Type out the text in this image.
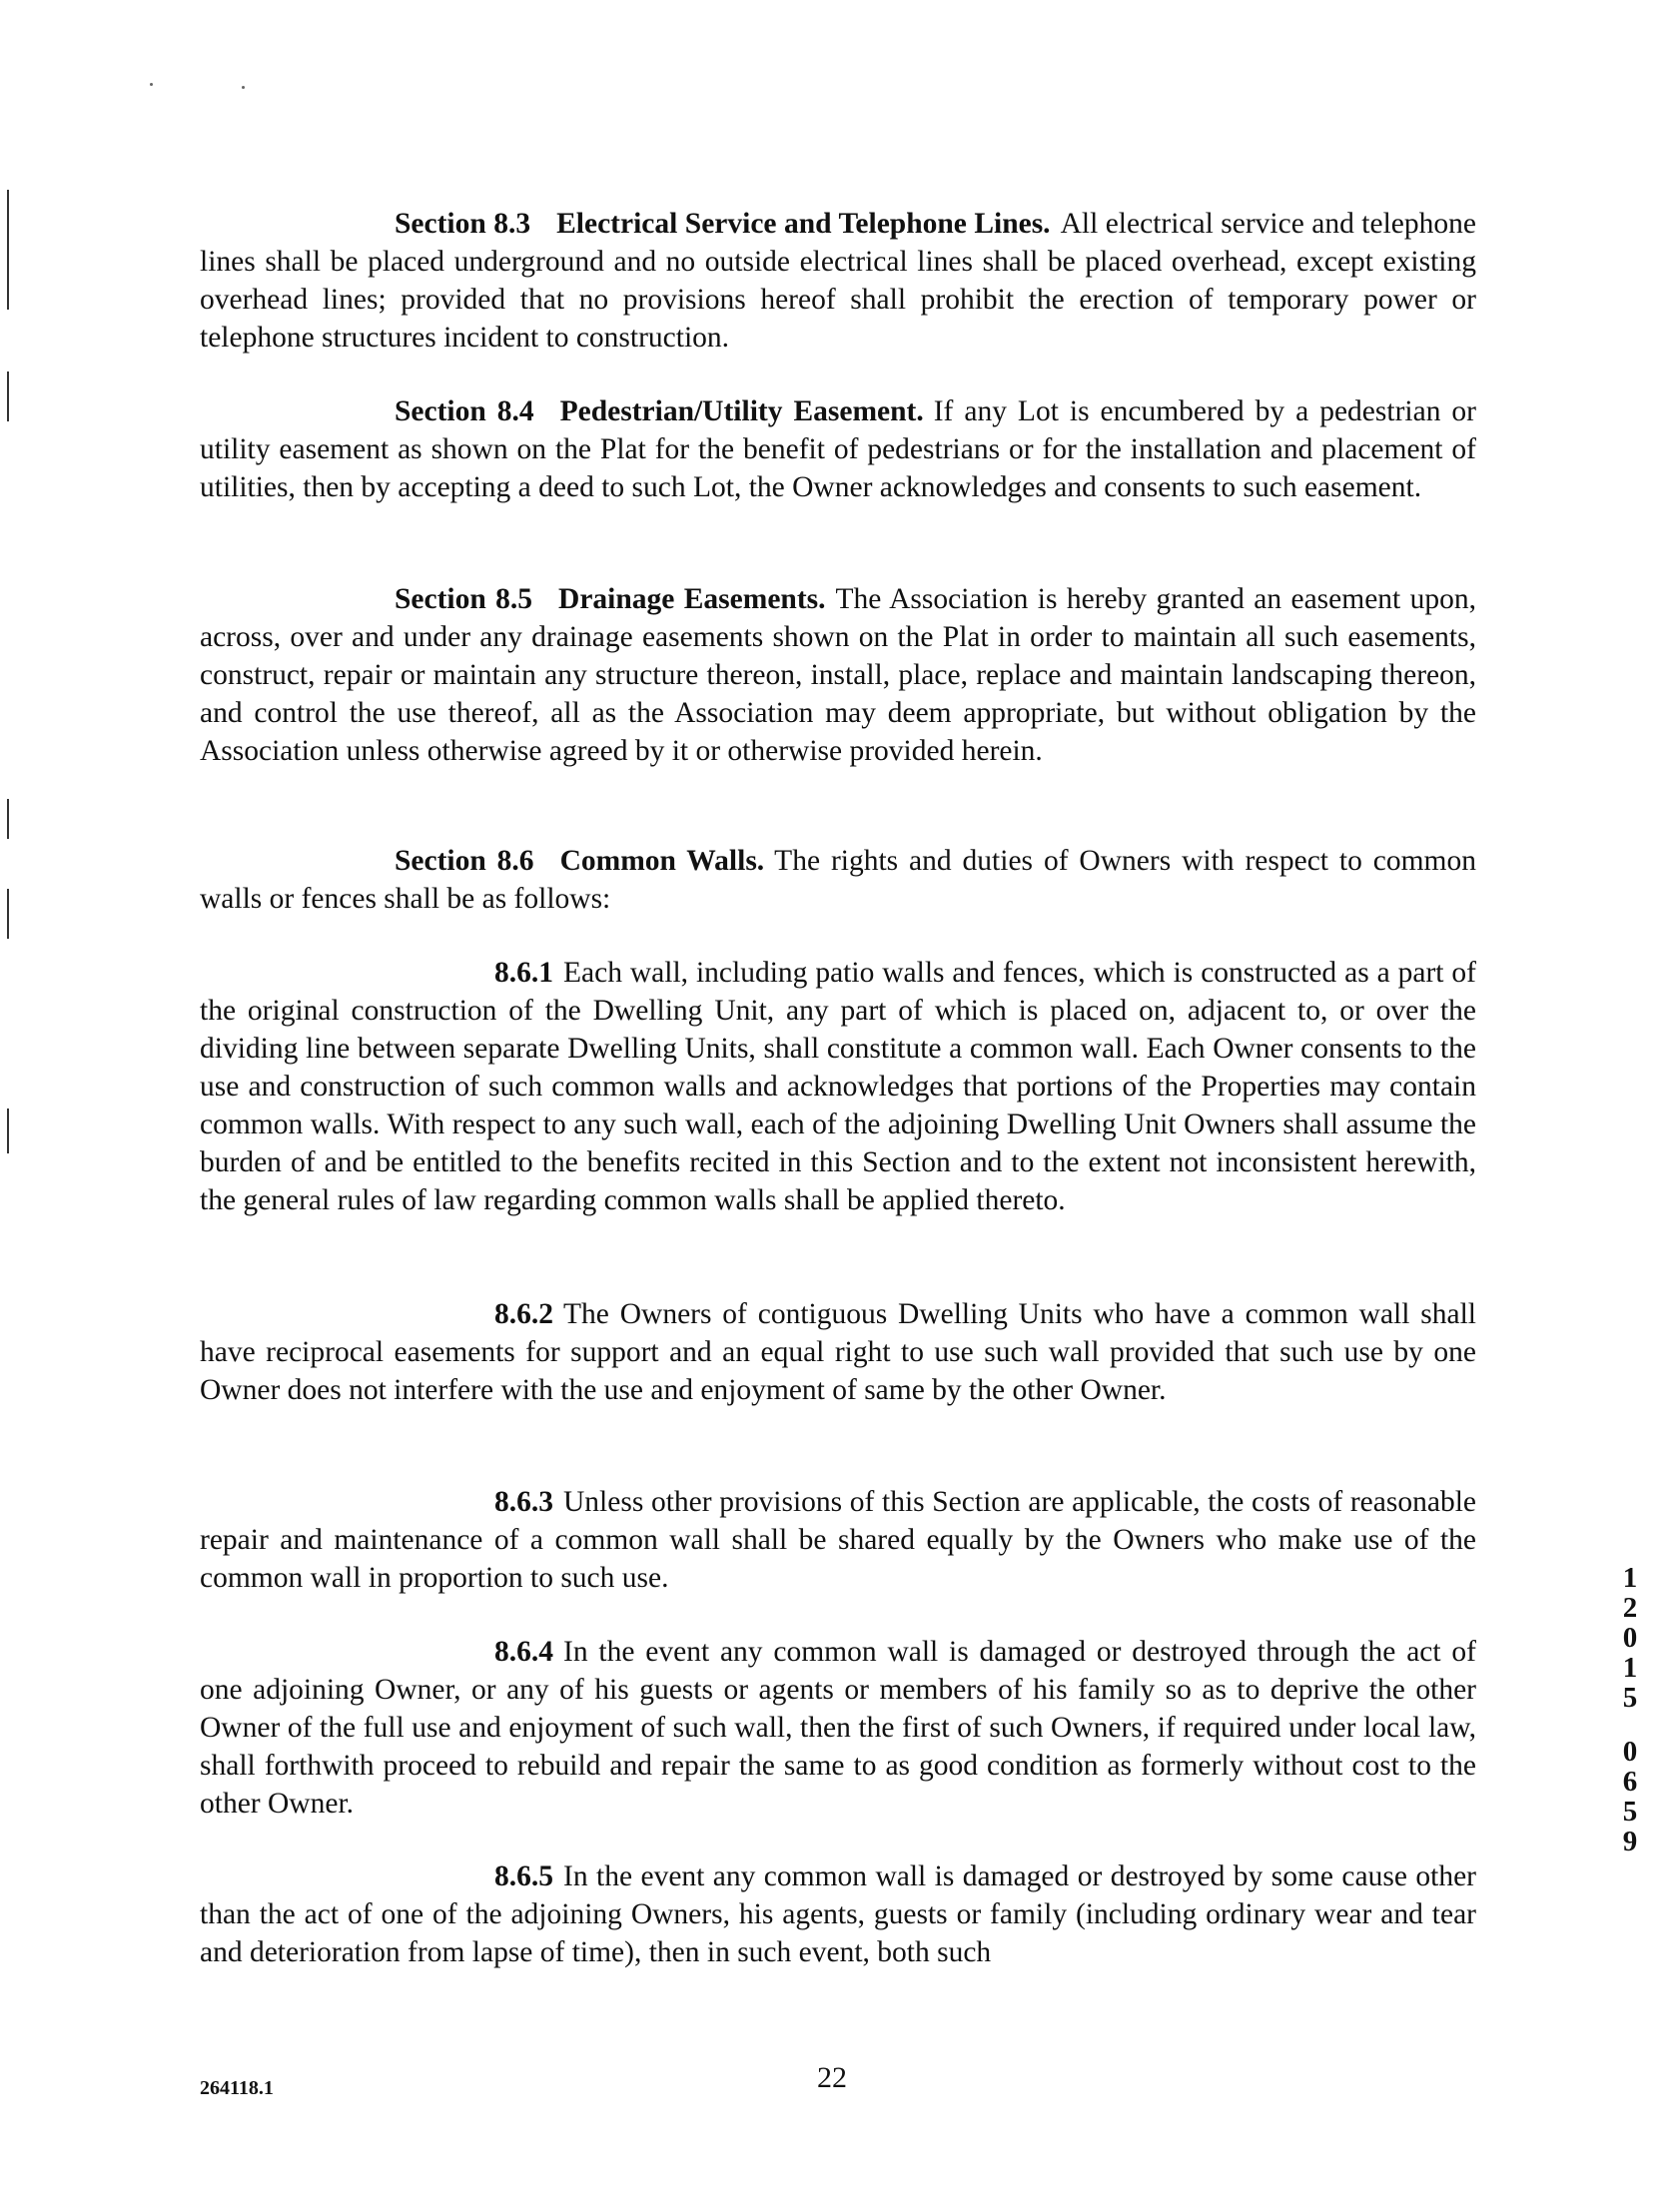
Section 8.3 Electrical Service and Telephone Lines. All electrical service and telephone lines shall be placed underground and no outside electrical lines shall be placed overhead, except existing overhead lines; provided that no provisions hereof shall prohibit the erection of temporary power or telephone structures incident to construction.

Section 8.4 Pedestrian/Utility Easement. If any Lot is encumbered by a pedestrian or utility easement as shown on the Plat for the benefit of pedestrians or for the installation and placement of utilities, then by accepting a deed to such Lot, the Owner acknowledges and consents to such easement.

Section 8.5 Drainage Easements. The Association is hereby granted an easement upon, across, over and under any drainage easements shown on the Plat in order to maintain all such easements, construct, repair or maintain any structure thereon, install, place, replace and maintain landscaping thereon, and control the use thereof, all as the Association may deem appropriate, but without obligation by the Association unless otherwise agreed by it or otherwise provided herein.

Section 8.6 Common Walls. The rights and duties of Owners with respect to common walls or fences shall be as follows:

8.6.1 Each wall, including patio walls and fences, which is constructed as a part of the original construction of the Dwelling Unit, any part of which is placed on, adjacent to, or over the dividing line between separate Dwelling Units, shall constitute a common wall. Each Owner consents to the use and construction of such common walls and acknowledges that portions of the Properties may contain common walls. With respect to any such wall, each of the adjoining Dwelling Unit Owners shall assume the burden of and be entitled to the benefits recited in this Section and to the extent not inconsistent herewith, the general rules of law regarding common walls shall be applied thereto.

8.6.2 The Owners of contiguous Dwelling Units who have a common wall shall have reciprocal easements for support and an equal right to use such wall provided that such use by one Owner does not interfere with the use and enjoyment of same by the other Owner.

8.6.3 Unless other provisions of this Section are applicable, the costs of reasonable repair and maintenance of a common wall shall be shared equally by the Owners who make use of the common wall in proportion to such use.

8.6.4 In the event any common wall is damaged or destroyed through the act of one adjoining Owner, or any of his guests or agents or members of his family so as to deprive the other Owner of the full use and enjoyment of such wall, then the first of such Owners, if required under local law, shall forthwith proceed to rebuild and repair the same to as good condition as formerly without cost to the other Owner.

8.6.5 In the event any common wall is damaged or destroyed by some cause other than the act of one of the adjoining Owners, his agents, guests or family (including ordinary wear and tear and deterioration from lapse of time), then in such event, both such

1
2
0
1
5
0
6
5
9
264118.1	22
